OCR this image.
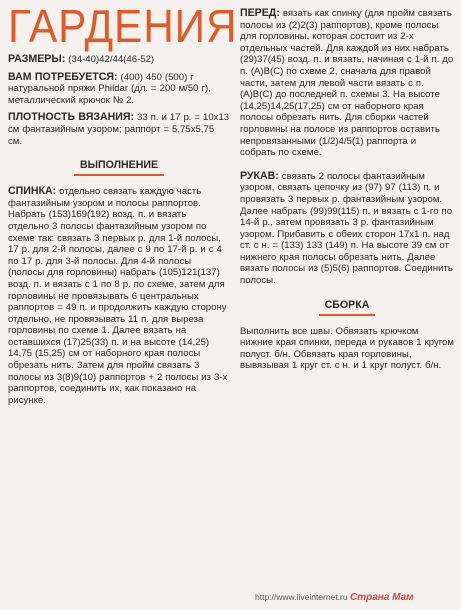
ГАРДЕНИЯ

РАЗМЕРЫ: (34-40)42/44(46-52)

ВАМ ПОТРЕБУЕТСЯ: (400) 450 (500) г натуральной пряжи Phildar (дл. = 200 м/50 г), металлический крючок № 2.

ПЛОТНОСТЬ ВЯЗАНИЯ: 33 п. и 17 р. = 10x13 см фантазийным узором; раппорт = 5,75x5,75 см.

ВЫПОЛНЕНИЕ

СПИНКА: отдельно связать каждую часть фантазийным узором и полосы раппортов. Набрать (153)169(192) возд. п. и вязать отдельно 3 полосы фантазийным узором по схеме так: связать 3 первых р. для 1-й полосы, 17 р. для 2-й полосы, далее с 9 по 17-й р. и с 4 по 17 р. для 3-й полосы. Для 4-й полосы (полосы для горловины) набрать (105)121(137) возд. п. и вязать с 1 по 8 р. по схеме, затем для горловины не провязывать 6 центральных раппортов = 49 п. и продолжить каждую сторону отдельно, не провязывать 11 п. для выреза горловины по схеме 1. Далее вязать на оставшихся (17)25(33) п. и на высоте (14,25) 14,75 (15,25) см от наборного края полосы обрезать нить. Затем для пройм связать 3 полосы из 3(8)9(10) раппортов + 2 полосы из 3-х раппортов, соединить их, как показано на рисунке.

ПЕРЕД: вязать как спинку (для пройм связать полосы из (2)2(3) раппортов), кроме полосы для горловины, которая состоит из 2-х отдельных частей. Для каждой из них набрать (29)37(45) возд. п. и вязать, начиная с 1-й п. до п. (A)B(C) по схеме 2, сначала для правой части, затем для левой части вязать с п. (A)B(C) до последней п. схемы 3. На высоте (14,25)14,25(17,25) см от наборного края полосы обрезать нить. Для сборки частей горловины на полосе из раппортов оставить непровязанными (1/2)4/5(1) раппорта и собрать по схеме.

РУКАВ: связать 2 полосы фантазийным узором, связать цепочку из (97) 97 (113) п. и провязать 3 первых р. фантазийным узором. Далее набрать (99)99(115) п. и вязать с 1-го по 14-й р., затем провязать 3 р. фантазийным узором. Прибавить с обеих сторон 17x1 п. над ст. с н. = (133) 133 (149) п. На высоте 39 см от нижнего края полосы обрезать нить. Далее вязать полосы из (5)5(6) раппортов. Соединить полосы.

СБОРКА

Выполнить все швы. Обвязать крючком нижние края спинки, переда и рукавов 1 кругом полуст. б/н. Обвязать края горловины, вывязывая 1 круг ст. с н. и 1 круг полуст. б/н.

http://www.liveinternet.ru Страна Мам
